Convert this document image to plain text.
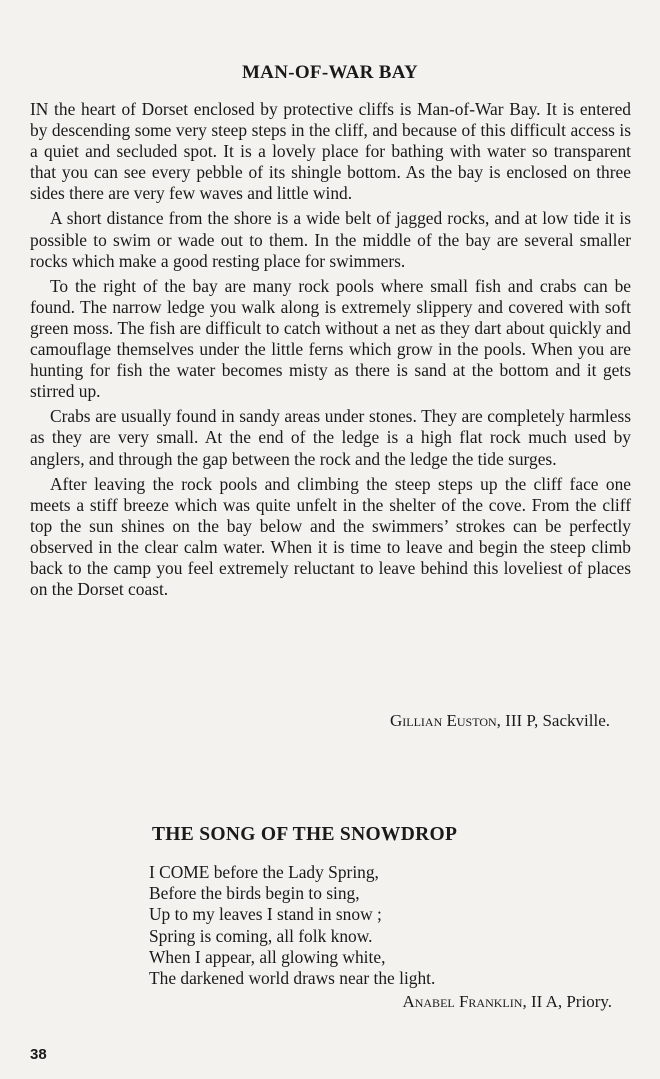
MAN-OF-WAR BAY

IN the heart of Dorset enclosed by protective cliffs is Man-of-War Bay. It is entered by descending some very steep steps in the cliff, and because of this difficult access is a quiet and secluded spot. It is a lovely place for bathing with water so transparent that you can see every pebble of its shingle bottom. As the bay is enclosed on three sides there are very few waves and little wind.

A short distance from the shore is a wide belt of jagged rocks, and at low tide it is possible to swim or wade out to them. In the middle of the bay are several smaller rocks which make a good resting place for swimmers.

To the right of the bay are many rock pools where small fish and crabs can be found. The narrow ledge you walk along is extremely slippery and covered with soft green moss. The fish are difficult to catch without a net as they dart about quickly and camouflage themselves under the little ferns which grow in the pools. When you are hunting for fish the water becomes misty as there is sand at the bottom and it gets stirred up.

Crabs are usually found in sandy areas under stones. They are completely harmless as they are very small. At the end of the ledge is a high flat rock much used by anglers, and through the gap between the rock and the ledge the tide surges.

After leaving the rock pools and climbing the steep steps up the cliff face one meets a stiff breeze which was quite unfelt in the shelter of the cove. From the cliff top the sun shines on the bay below and the swimmers’ strokes can be perfectly observed in the clear calm water. When it is time to leave and begin the steep climb back to the camp you feel extremely reluctant to leave behind this loveliest of places on the Dorset coast.

Gillian Euston, III P, Sackville.
THE SONG OF THE SNOWDROP
I COME before the Lady Spring,
Before the birds begin to sing,
Up to my leaves I stand in snow ;
Spring is coming, all folk know.
When I appear, all glowing white,
The darkened world draws near the light.
Anabel Franklin, II A, Priory.
38
